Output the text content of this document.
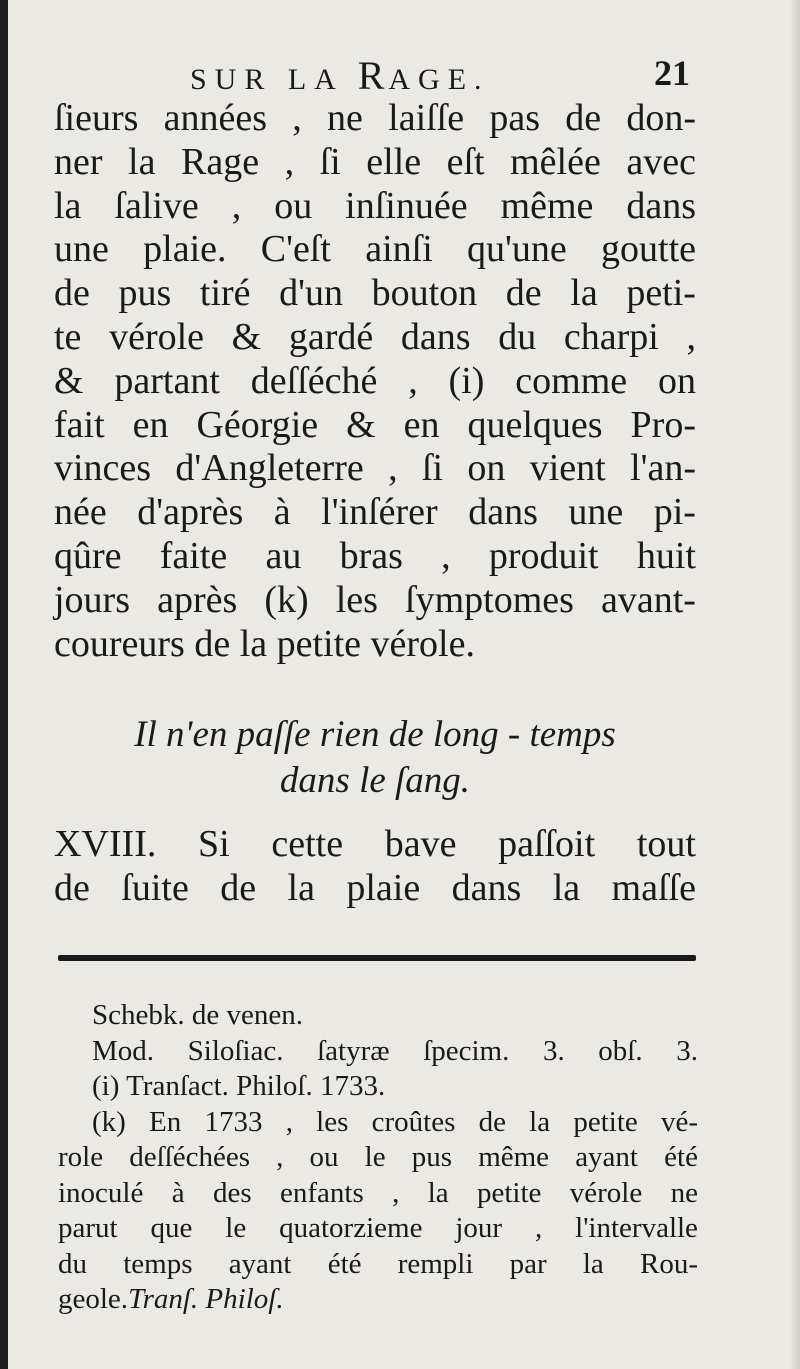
SUR LA RAGE.	21
ſieurs années , ne laiſſe pas de don-
ner la Rage , ſi elle eſt mêlée avec
la ſalive , ou inſinuée même dans
une plaie. C'eſt ainſi qu'une goutte
de pus tiré d'un bouton de la peti-
te vérole & gardé dans du charpi ,
& partant deſſéché , (i) comme on
fait en Géorgie & en quelques Pro-
vinces d'Angleterre , ſi on vient l'an-
née d'après à l'inſérer dans une pi-
qûre faite au bras , produit huit
jours après (k) les ſymptomes avant-
coureurs de la petite vérole.
Il n'en paſſe rien de long - temps
dans le ſang.
XVIII. Si cette bave paſſoit tout
de ſuite de la plaie dans la maſſe
Schebk. de venen.
Mod. Siloſiac. ſatyræ ſpecim. 3. obſ. 3.
(i) Tranſact. Philoſ. 1733.
(k) En 1733 , les croûtes de la petite vé-
role deſſéchées , ou le pus même ayant été
inoculé à des enfants , la petite vérole ne
parut que le quatorzieme jour , l'intervalle
du temps ayant été rempli par la Rou-
geole. Tranſ. Philoſ.
